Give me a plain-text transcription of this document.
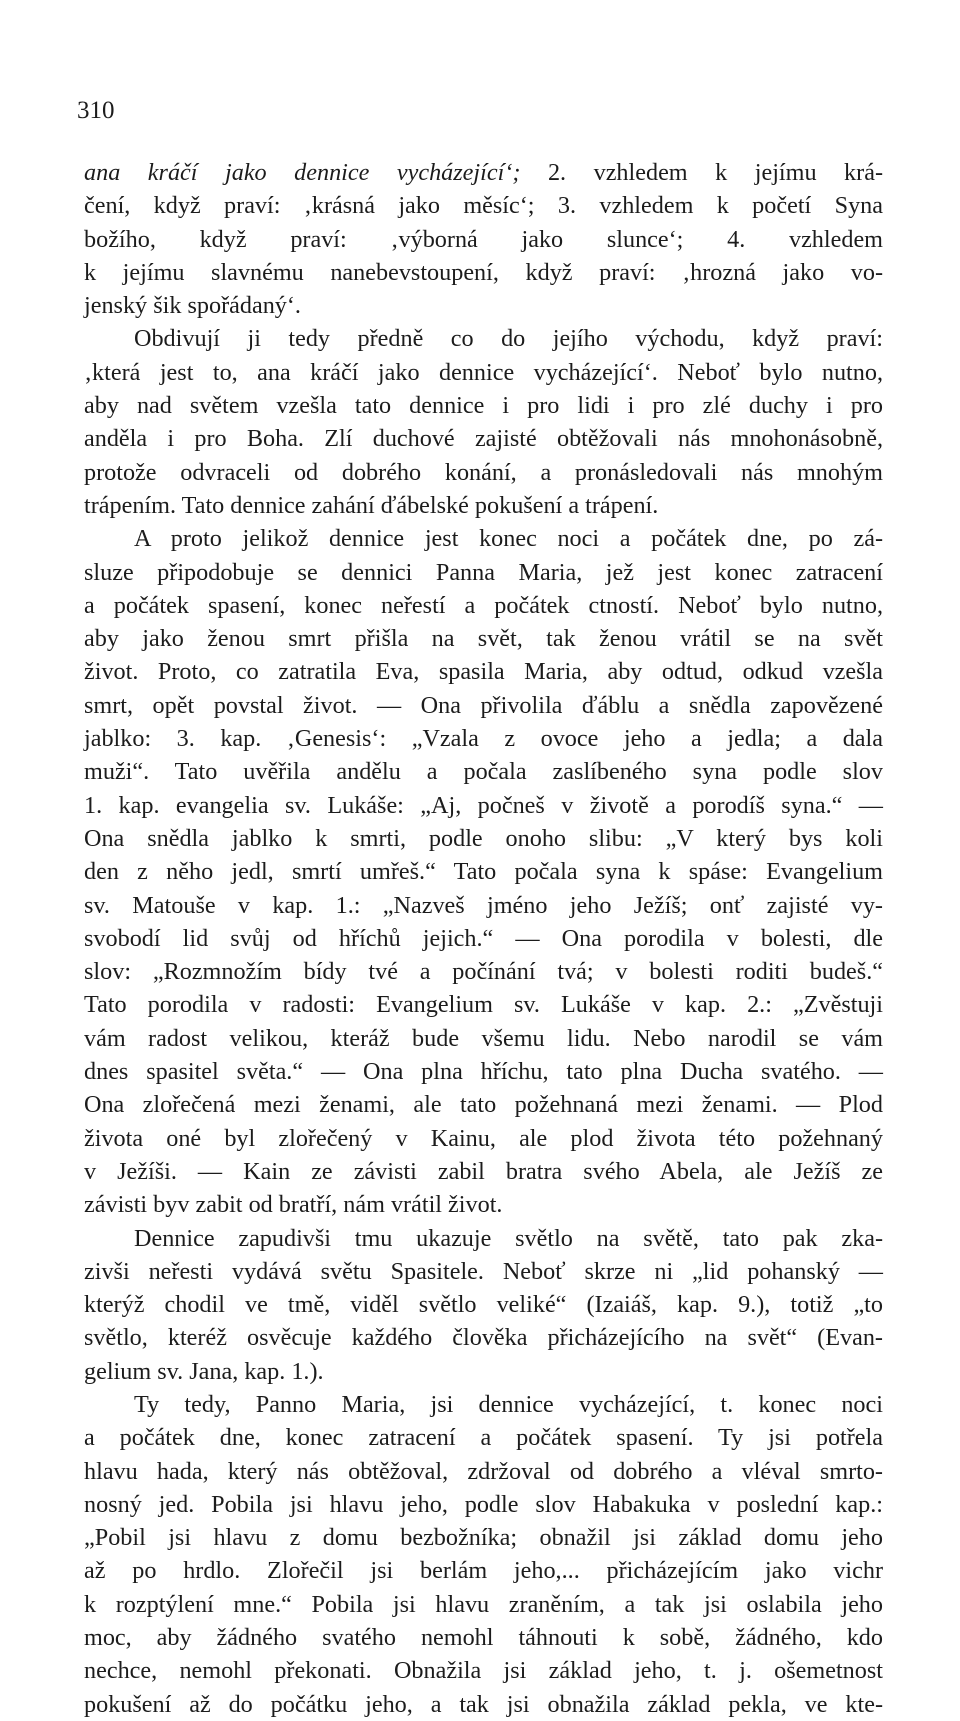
310
ana kráčí jako dennice vycházející‘; 2. vzhledem k jejímu krá-
čení, když praví: ‚krásná jako měsíc‘; 3. vzhledem k početí Syna
božího, když praví: ‚výborná jako slunce‘; 4. vzhledem
k jejímu slavnému nanebevstoupení, když praví: ‚hrozná jako vo-
jenský šik spořádaný‘.
Obdivují ji tedy předně co do jejího východu, když praví:
‚která jest to, ana kráčí jako dennice vycházející‘. Neboť bylo nutno,
aby nad světem vzešla tato dennice i pro lidi i pro zlé duchy i pro
anděla i pro Boha. Zlí duchové zajisté obtěžovali nás mnohonásobně,
protože odvraceli od dobrého konání, a pronásledovali nás mnohým
trápením. Tato dennice zahání ďábelské pokušení a trápení.
A proto jelikož dennice jest konec noci a počátek dne, po zá-
sluze připodobuje se dennici Panna Maria, jež jest konec zatracení
a počátek spasení, konec neřestí a počátek ctností. Neboť bylo nutno,
aby jako ženou smrt přišla na svět, tak ženou vrátil se na svět
život. Proto, co zatratila Eva, spasila Maria, aby odtud, odkud vzešla
smrt, opět povstal život. — Ona přivolila ďáblu a snědla zapovězené
jablko: 3. kap. ‚Genesis‘: „Vzala z ovoce jeho a jedla; a dala
muži“. Tato uvěřila andělu a počala zaslíbeného syna podle slov
1. kap. evangelia sv. Lukáše: „Aj, počneš v životě a porodíš syna.“ —
Ona snědla jablko k smrti, podle onoho slibu: „V který bys koli
den z něho jedl, smrtí umřeš.“ Tato počala syna k spáse: Evangelium
sv. Matouše v kap. 1.: „Nazveš jméno jeho Ježíš; onť zajisté vy-
svobodí lid svůj od hříchů jejich.“ — Ona porodila v bolesti, dle
slov: „Rozmnožím bídy tvé a počínání tvá; v bolesti roditi budeš.“
Tato porodila v radosti: Evangelium sv. Lukáše v kap. 2.: „Zvěstuji
vám radost velikou, kteráž bude všemu lidu. Nebo narodil se vám
dnes spasitel světa.“ — Ona plna hříchu, tato plna Ducha svatého. —
Ona zlořečená mezi ženami, ale tato požehnaná mezi ženami. — Plod
života oné byl zlořečený v Kainu, ale plod života této požehnaný
v Ježíši. — Kain ze závisti zabil bratra svého Abela, ale Ježíš ze
závisti byv zabit od bratří, nám vrátil život.
Dennice zapudivši tmu ukazuje světlo na světě, tato pak zka-
zivši neřesti vydává světu Spasitele. Neboť skrze ni „lid pohanský —
kterýž chodil ve tmě, viděl světlo veliké“ (Izaiáš, kap. 9.), totiž „to
světlo, kteréž osvěcuje každého člověka přicházejícího na svět“ (Evan-
gelium sv. Jana, kap. 1.).
Ty tedy, Panno Maria, jsi dennice vycházející, t. konec noci
a počátek dne, konec zatracení a počátek spasení. Ty jsi potřela
hlavu hada, který nás obtěžoval, zdržoval od dobrého a vléval smrto-
nosný jed. Pobila jsi hlavu jeho, podle slov Habakuka v poslední kap.:
„Pobil jsi hlavu z domu bezbožníka; obnažil jsi základ domu jeho
až po hrdlo. Zlořečil jsi berlám jeho,... přicházejícím jako vichr
k rozptýlení mne.“ Pobila jsi hlavu zraněním, a tak jsi oslabila jeho
moc, aby žádného svatého nemohl táhnouti k sobě, žádného, kdo
nechce, nemohl překonati. Obnažila jsi základ jeho, t. j. ošemetnost
pokušení až do počátku jeho, a tak jsi obnažila základ pekla, ve kte-
